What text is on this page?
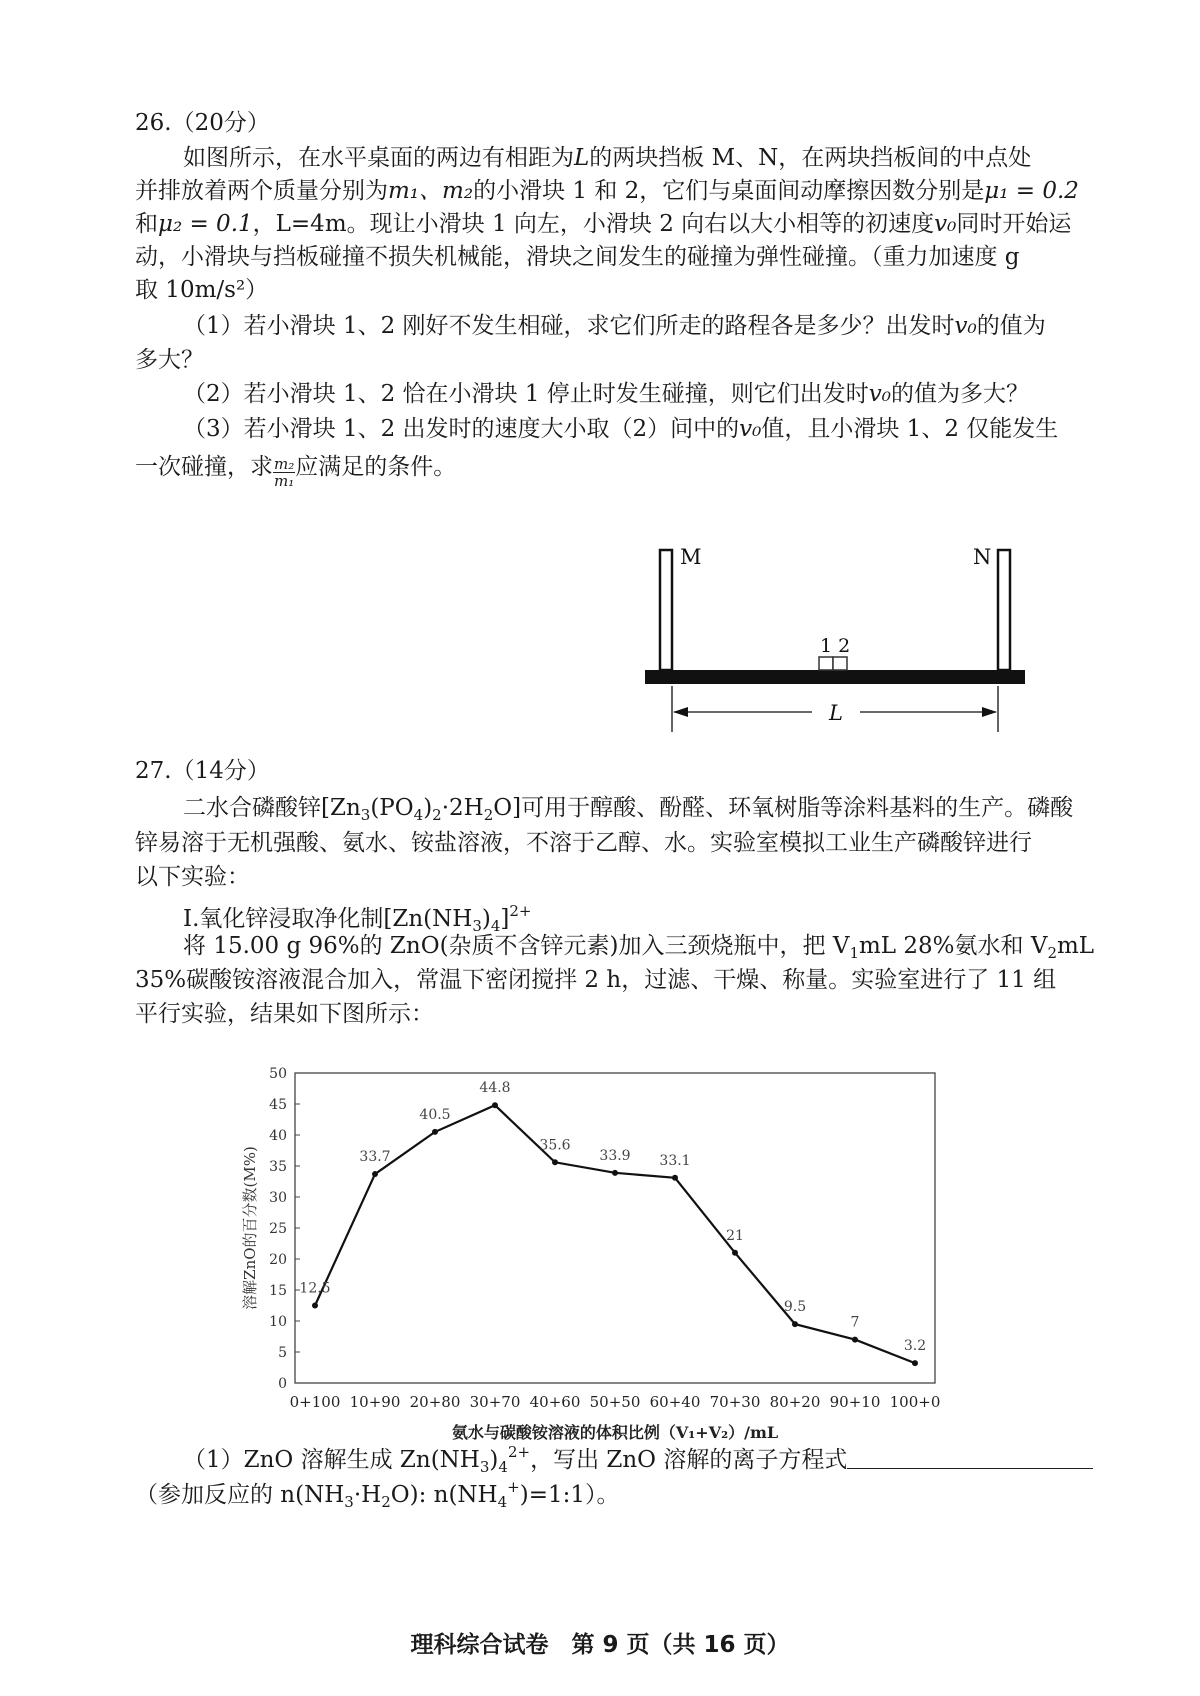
26.（20分）
如图所示，在水平桌面的两边有相距为L的两块挡板 M、N，在两块挡板间的中点处
并排放着两个质量分别为m₁、m₂的小滑块 1 和 2，它们与桌面间动摩擦因数分别是μ₁ = 0.2
和μ₂ = 0.1，L=4m。现让小滑块 1 向左，小滑块 2 向右以大小相等的初速度v₀同时开始运
动，小滑块与挡板碰撞不损失机械能，滑块之间发生的碰撞为弹性碰撞。（重力加速度 g
取 10m/s²）
（1）若小滑块 1、2 刚好不发生相碰，求它们所走的路程各是多少？出发时v₀的值为
多大？
（2）若小滑块 1、2 恰在小滑块 1 停止时发生碰撞，则它们出发时v₀的值为多大？
（3）若小滑块 1、2 出发时的速度大小取（2）问中的v₀值，且小滑块 1、2 仅能发生
一次碰撞，求 $\frac{\text{m₂}}{\text{m₁}}$ 应满足的条件。
M	N
1 2
L
27.（14分）
二水合磷酸锌$[Zn_3(PO_4)_2\cdot 2H_2O]$可用于醇酸、酚醛、环氧树脂等涂料基料的生产。磷酸
锌易溶于无机强酸、氨水、铵盐溶液，不溶于乙醇、水。实验室模拟工业生产磷酸锌进行
以下实验：
Ⅰ.氧化锌浸取净化制$[Zn(NH_3)_4]^{2+}$
将 15.00 g 96%的 ZnO(杂质不含锌元素)加入三颈烧瓶中，把 $V_1mL$ 28%氨水和 $V_2mL$
35%碳酸铵溶液混合加入，常温下密闭搅拌 2 h，过滤、干燥、称量。实验室进行了 11 组
平行实验，结果如下图所示：
0
5
10
15
20
25
30
35
40
45
50
0+100 10+90 20+80 30+70 40+60 50+50 60+40 70+30 80+20 90+10 100+0
12.5
33.7
40.5
44.8
35.6
33.9 33.1
21
9.5
7
3.2
氨水与碳酸铵溶液的体积比例（V₁+V₂）/mL
溶解ZnO的百分数(M%)
（1）ZnO 溶解生成 $Zn(NH_3)_4^{2+}$，写出 ZnO 溶解的离子方程式
（参加反应的 $n(NH_3\cdot H_2O)$: $n(NH_4^+)=1:1$）。
理科综合试卷　第 9 页（共 16 页）
